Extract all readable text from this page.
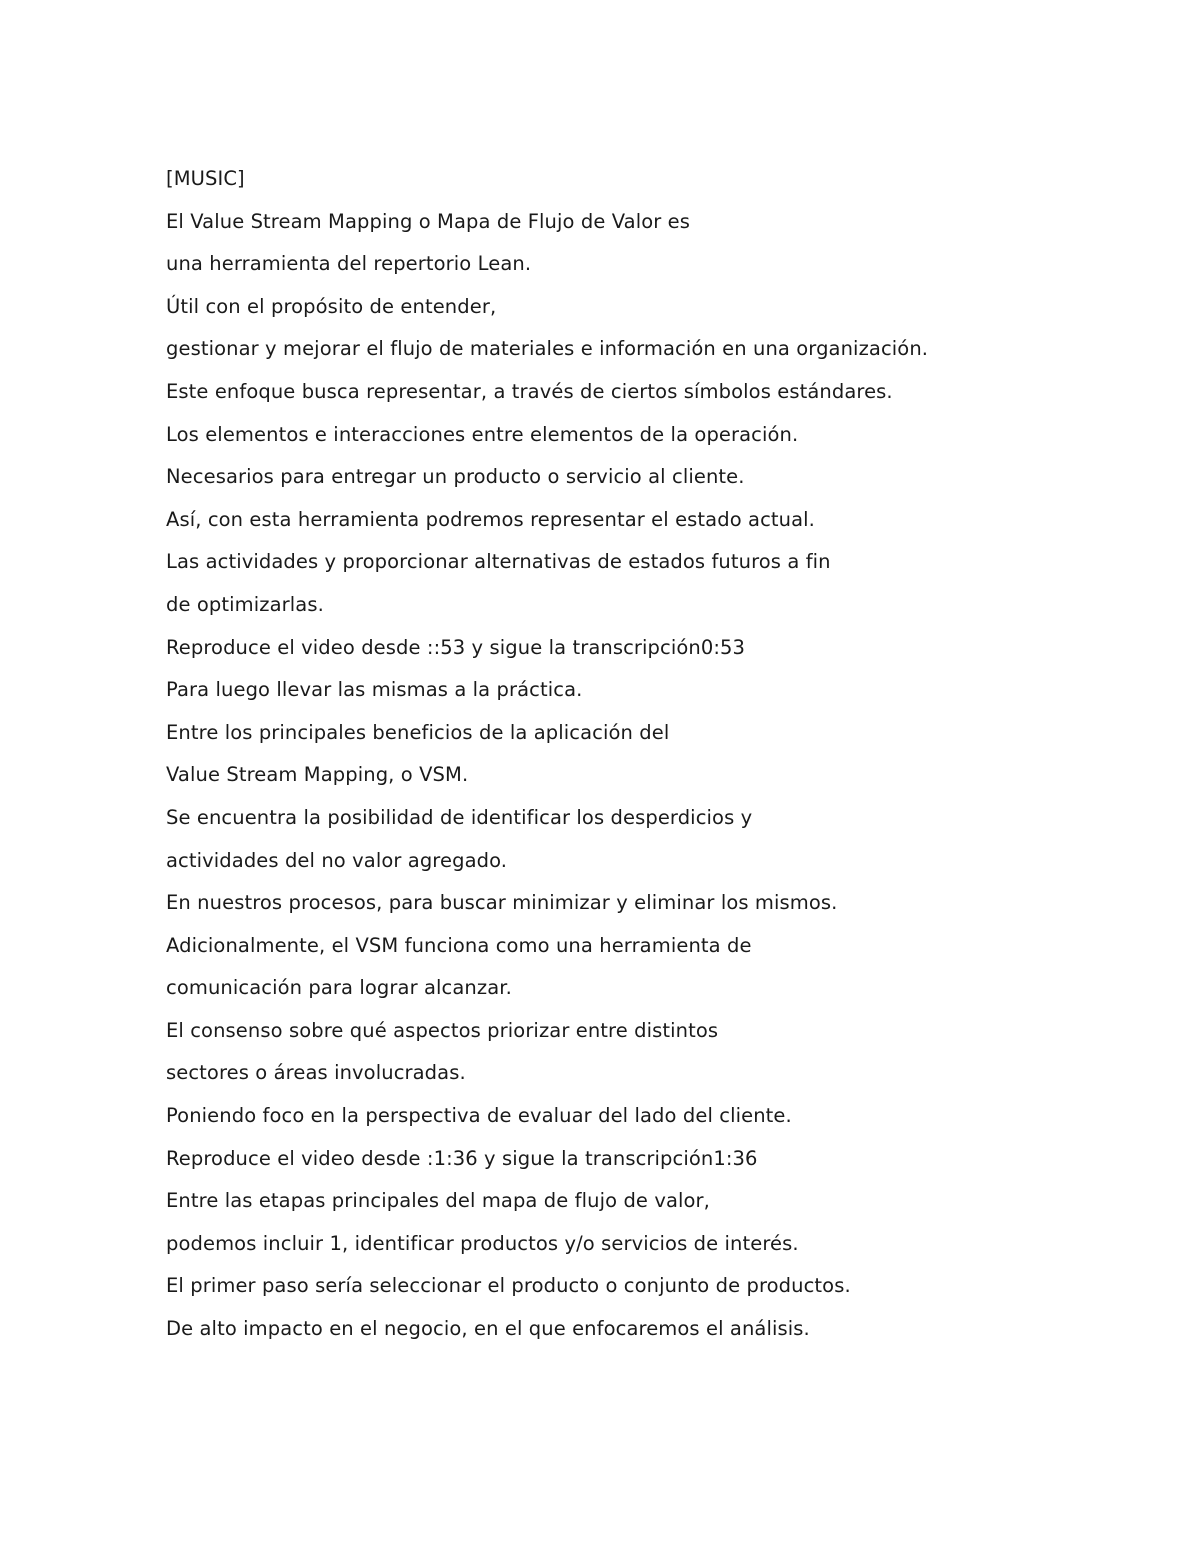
[MUSIC]
El Value Stream Mapping o Mapa de Flujo de Valor es
una herramienta del repertorio Lean.
Útil con el propósito de entender,
gestionar y mejorar el flujo de materiales e información en una organización.
Este enfoque busca representar, a través de ciertos símbolos estándares.
Los elementos e interacciones entre elementos de la operación.
Necesarios para entregar un producto o servicio al cliente.
Así, con esta herramienta podremos representar el estado actual.
Las actividades y proporcionar alternativas de estados futuros a fin
de optimizarlas.
Reproduce el video desde ::53 y sigue la transcripción0:53
Para luego llevar las mismas a la práctica.
Entre los principales beneficios de la aplicación del
Value Stream Mapping, o VSM.
Se encuentra la posibilidad de identificar los desperdicios y
actividades del no valor agregado.
En nuestros procesos, para buscar minimizar y eliminar los mismos.
Adicionalmente, el VSM funciona como una herramienta de
comunicación para lograr alcanzar.
El consenso sobre qué aspectos priorizar entre distintos
sectores o áreas involucradas.
Poniendo foco en la perspectiva de evaluar del lado del cliente.
Reproduce el video desde :1:36 y sigue la transcripción1:36
Entre las etapas principales del mapa de flujo de valor,
podemos incluir 1, identificar productos y/o servicios de interés.
El primer paso sería seleccionar el producto o conjunto de productos.
De alto impacto en el negocio, en el que enfocaremos el análisis.
